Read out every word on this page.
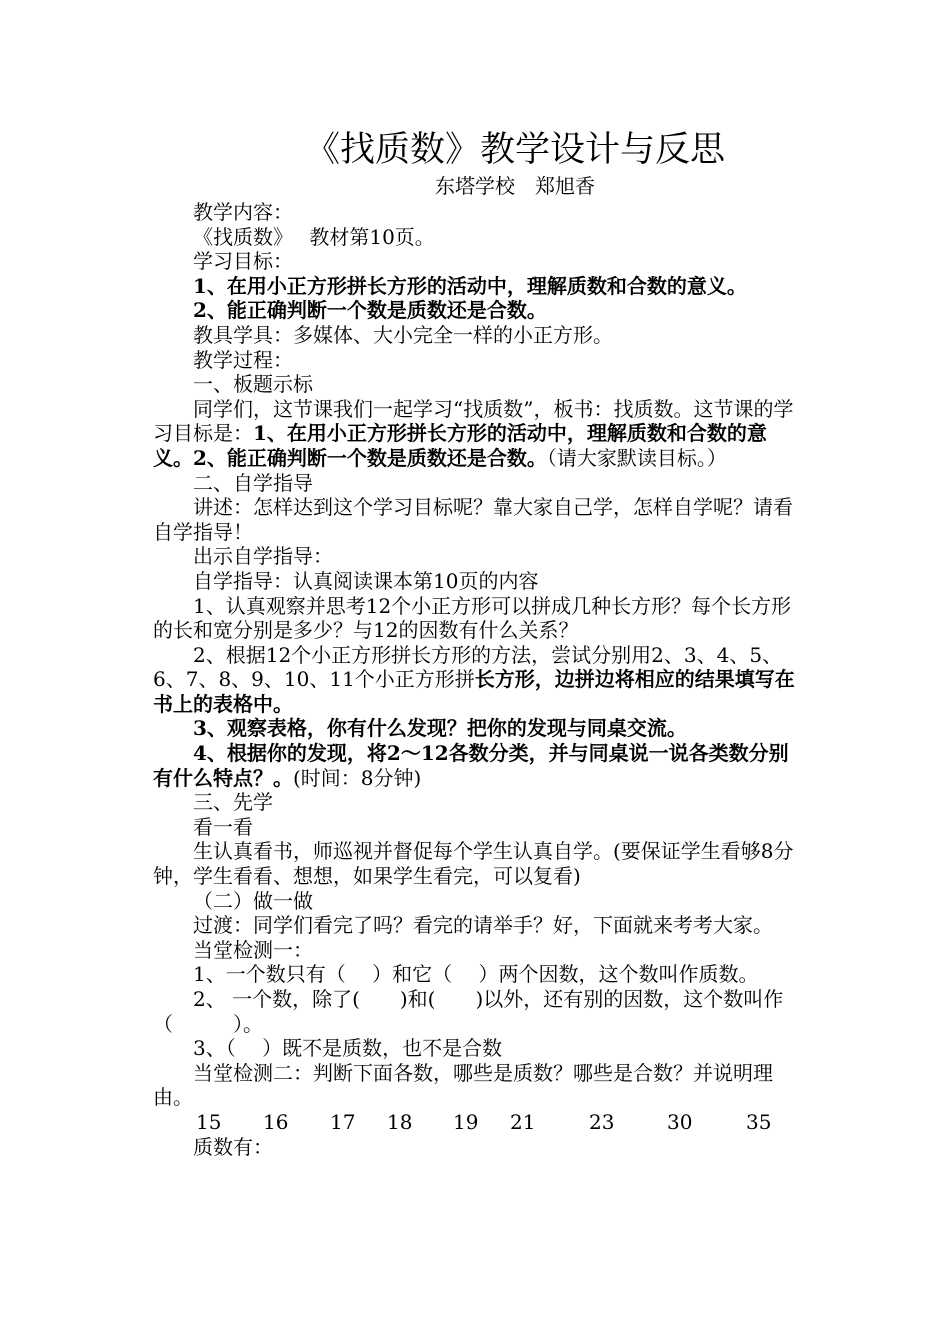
《找质数》教学设计与反思
东塔学校　郑旭香

教学内容：

《找质数》　 教材第10页。

学习目标：

1、在用小正方形拼长方形的活动中，理解质数和合数的意义。

2、能正确判断一个数是质数还是合数。

教具学具：多媒体、大小完全一样的小正方形。

教学过程：

一、板题示标

同学们，这节课我们一起学习“找质数”，板书：找质数。这节课的学习目标是：1、在用小正方形拼长方形的活动中，理解质数和合数的意义。2、能正确判断一个数是质数还是合数。（请大家默读目标。）

二、自学指导

讲述：怎样达到这个学习目标呢？靠大家自己学，怎样自学呢？请看自学指导！

出示自学指导：

自学指导：认真阅读课本第10页的内容

1、认真观察并思考12个小正方形可以拼成几种长方形？每个长方形的长和宽分别是多少？与12的因数有什么关系？

2、根据12个小正方形拼长方形的方法，尝试分别用2、3、4、5、6、7、8、9、10、11个小正方形拼长方形，边拼边将相应的结果填写在书上的表格中。

3、观察表格，你有什么发现？把你的发现与同桌交流。

4、根据你的发现，将2～12各数分类，并与同桌说一说各类数分别有什么特点？。(时间：8分钟)

三、先学

看一看

生认真看书，师巡视并督促每个学生认真自学。(要保证学生看够8分钟，学生看看、想想，如果学生看完，可以复看)

（二）做一做

过渡：同学们看完了吗？看完的请举手？好，下面就来考考大家。

当堂检测一：

1、一个数只有（　 ）和它（　 ）两个因数，这个数叫作质数。

2、 一个数，除了(　　)和(　　)以外，还有别的因数，这个数叫作（　　　）。

3、（　 ）既不是质数，也不是合数

当堂检测二：判断下面各数，哪些是质数？哪些是合数？并说明理由。

15 16 17 18 19 21	23	30	35

质数有：
